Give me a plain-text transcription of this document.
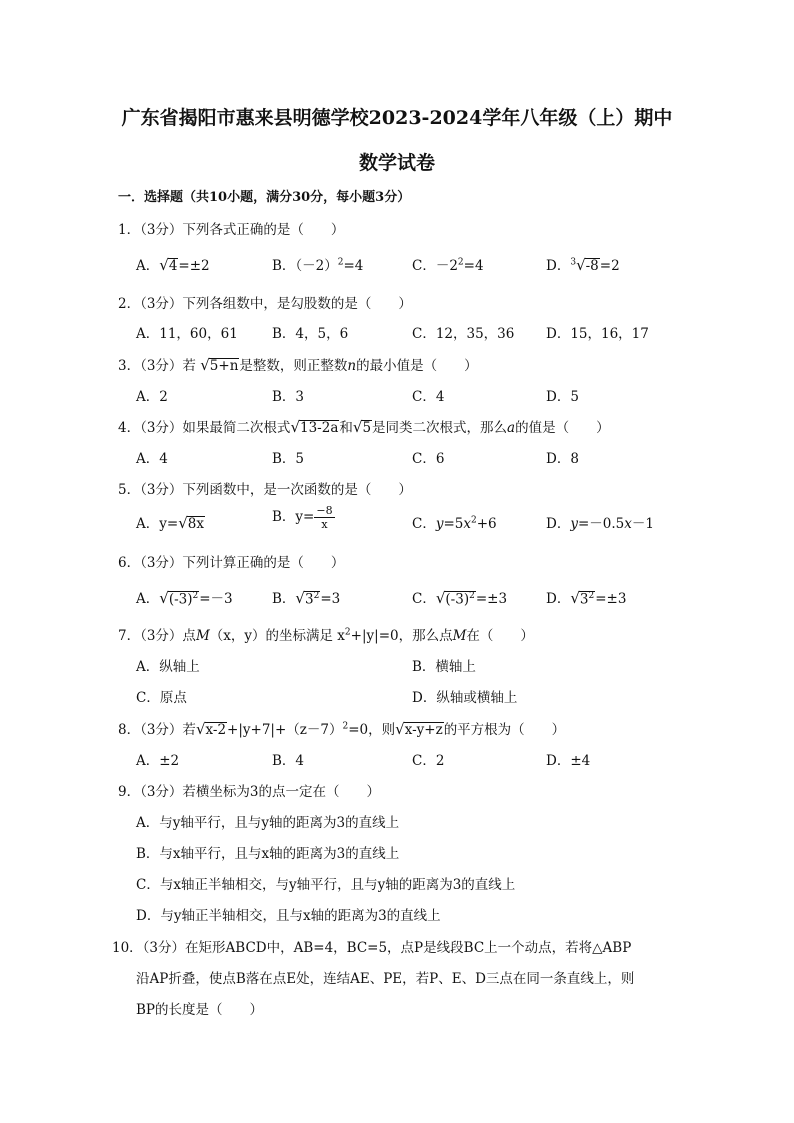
广东省揭阳市惠来县明德学校2023-2024学年八年级（上）期中
数学试卷
一．选择题（共10小题，满分30分，每小题3分）
1．（3分）下列各式正确的是（　　）
A．√4=±2	B．$(-2)^2=4$	C．$-2^2=4$	D．$^3$√-8=2
2．（3分）下列各组数中，是勾股数的是（　　）
A．11，60，61	B．4，5，6	C．12，35，36 D．15，16，17
3．（3分）若 √5+n是整数，则正整数n的最小值是（　　）
A．2	B．3	C．4	D．5
4．（3分）如果最简二次根式√13-2a和√5是同类二次根式，那么a的值是（　　）
A．4	B．5	C．6	D．8
5．（3分）下列函数中，是一次函数的是（　　）
A．y=√8x	B．$y= \frac{-8}{x}$	C．$y=5x^2+6$	D．y=－0.5x－1
6．（3分）下列计算正确的是（　　）
A．$√(-3)^2=-3$	B．$√3^2=3$	C．$√(-3)^2=\pm 3$	D．$√3^2=\pm 3$
7．（3分）点M（x，y）的坐标满足 $x^2+|y|=0$，那么点M在（　　）
A．纵轴上	B．横轴上
C．原点	D．纵轴或横轴上
8．（3分）若$√x-2+|y+7|+(z-7)^2=0$，则√x-y+z的平方根为（　　）
A．±2	B．4	C．2	D．±4
9．（3分）若横坐标为3的点一定在（　　）
A．与y轴平行，且与y轴的距离为3的直线上
B．与x轴平行，且与x轴的距离为3的直线上
C．与x轴正半轴相交，与y轴平行，且与y轴的距离为3的直线上
D．与y轴正半轴相交，且与x轴的距离为3的直线上
10．（3分）在矩形ABCD中，AB=4，BC=5，点P是线段BC上一个动点，若将△ABP
沿AP折叠，使点B落在点E处，连结AE、PE，若P、E、D三点在同一条直线上，则
BP的长度是（　　）
